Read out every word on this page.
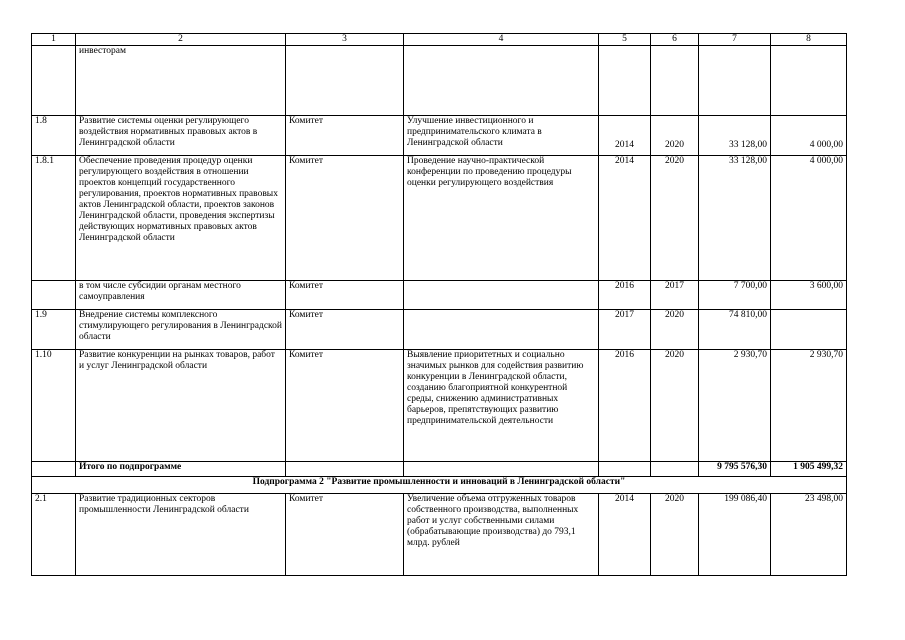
1	2	3	4	5	6	7	8
	инвесторам						
1.8	Развитие системы оценки регулирующего воздействия нормативных правовых актов в Ленинградской области	Комитет	Улучшение инвестиционного и предпринимательского климата в Ленинградской области	2014	2020	33 128,00	4 000,00
1.8.1	Обеспечение проведения процедур оценки регулирующего воздействия в отношении проектов концепций государственного регулирования, проектов нормативных правовых актов Ленинградской области, проектов законов Ленинградской области, проведения экспертизы действующих нормативных правовых актов Ленинградской области	Комитет	Проведение научно-практической конференции по проведению процедуры оценки регулирующего воздействия	2014	2020	33 128,00	4 000,00
	в том числе субсидии органам местного самоуправления	Комитет		2016	2017	7 700,00	3 600,00
1.9	Внедрение системы комплексного стимулирующего регулирования в Ленинградской области	Комитет		2017	2020	74 810,00	
1.10	Развитие конкуренции на рынках товаров, работ и услуг Ленинградской области	Комитет	Выявление приоритетных и социально значимых рынков для содействия развитию конкуренции в Ленинградской области, созданию благоприятной конкурентной среды, снижению административных барьеров, препятствующих развитию предпринимательской деятельности	2016	2020	2 930,70	2 930,70
	Итого по подпрограмме					9 795 576,30	1 905 499,32
Подпрограмма 2 "Развитие промышленности и инноваций в Ленинградской области"							
2.1	Развитие традиционных секторов промышленности Ленинградской области	Комитет	Увеличение объема отгруженных товаров собственного производства, выполненных работ и услуг собственными силами (обрабатывающие производства) до 793,1 млрд. рублей	2014	2020	199 086,40	23 498,00
